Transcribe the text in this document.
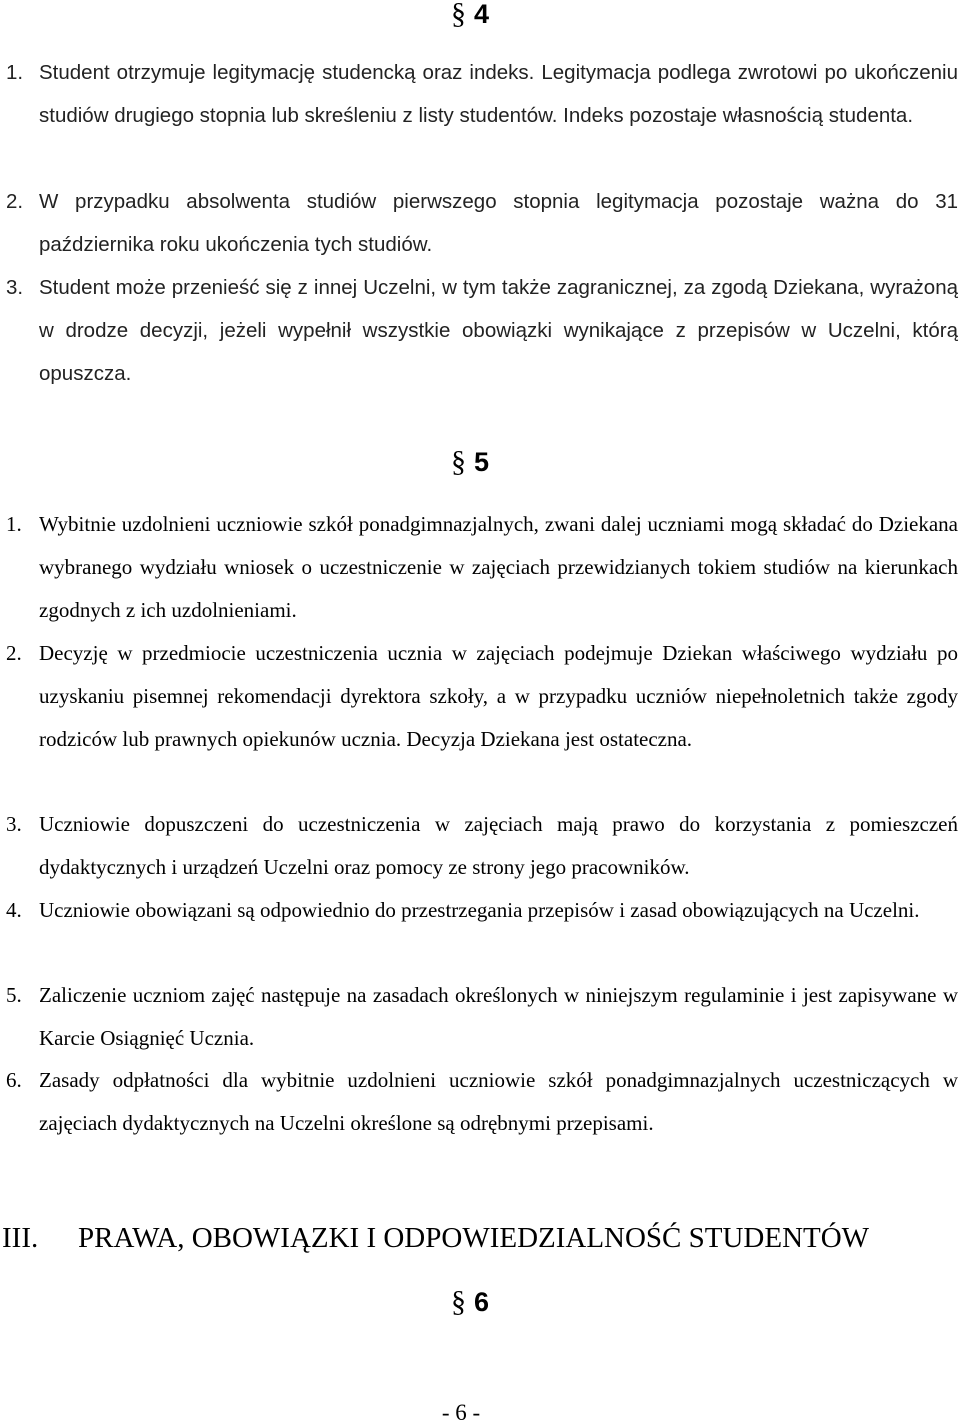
§ 4
1. Student otrzymuje legitymację studencką oraz indeks. Legitymacja podlega zwrotowi po ukończeniu studiów drugiego stopnia lub skreśleniu z listy studentów. Indeks pozostaje własnością studenta.
2. W przypadku absolwenta studiów pierwszego stopnia legitymacja pozostaje ważna do 31 października roku ukończenia tych studiów.
3. Student może przenieść się z innej Uczelni, w tym także zagranicznej, za zgodą Dziekana, wyrażoną w drodze decyzji, jeżeli wypełnił wszystkie obowiązki wynikające z przepisów w Uczelni, którą opuszcza.
§ 5
1. Wybitnie uzdolnieni uczniowie szkół ponadgimnazjalnych, zwani dalej uczniami mogą składać do Dziekana wybranego wydziału wniosek o uczestniczenie w zajęciach przewidzianych tokiem studiów na kierunkach zgodnych z ich uzdolnieniami.
2. Decyzję w przedmiocie uczestniczenia ucznia w zajęciach podejmuje Dziekan właściwego wydziału po uzyskaniu pisemnej rekomendacji dyrektora szkoły, a w przypadku uczniów niepełnoletnich także zgody rodziców lub prawnych opiekunów ucznia. Decyzja Dziekana jest ostateczna.
3. Uczniowie dopuszczeni do uczestniczenia w zajęciach mają prawo do korzystania z pomieszczeń dydaktycznych i urządzeń Uczelni oraz pomocy ze strony jego pracowników.
4. Uczniowie obowiązani są odpowiednio do przestrzegania przepisów i zasad obowiązujących na Uczelni.
5. Zaliczenie uczniom zajęć następuje na zasadach określonych w niniejszym regulaminie i jest zapisywane w Karcie Osiągnięć Ucznia.
6. Zasady odpłatności dla wybitnie uzdolnieni uczniowie szkół ponadgimnazjalnych uczestniczących w zajęciach dydaktycznych na Uczelni określone są odrębnymi przepisami.
III. PRAWA, OBOWIĄZKI I ODPOWIEDZIALNOŚĆ STUDENTÓW
§ 6
- 6 -
